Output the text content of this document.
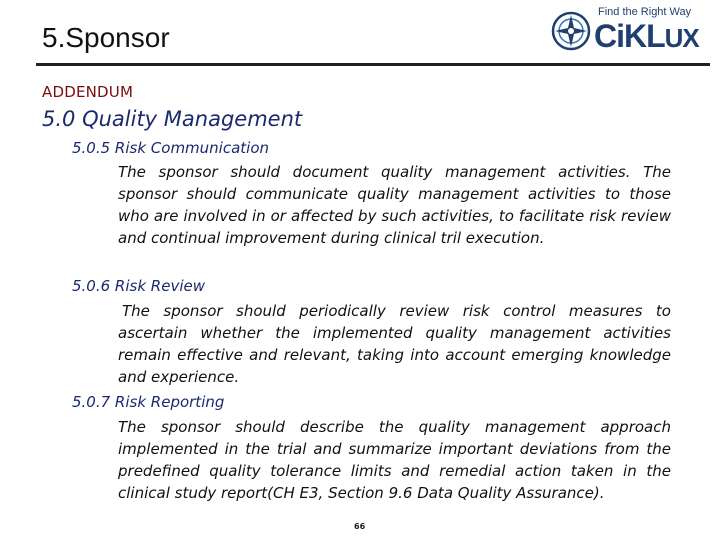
5.Sponsor
Find the Right Way
CiKLUX
ADDENDUM
5.0 Quality Management
5.0.5 Risk Communication
The sponsor should document quality management activities. The sponsor should communicate quality management activities to those who are involved in or affected by such activities, to facilitate risk review and continual improvement during clinical tril execution.
5.0.6 Risk Review
The sponsor should periodically review risk control measures to ascertain whether the implemented quality management activities remain effective and relevant, taking into account emerging knowledge and experience.
5.0.7 Risk Reporting
The sponsor should describe the quality management approach implemented in the trial and summarize important deviations from the predefined quality tolerance limits and remedial action taken in the clinical study report(CH E3, Section 9.6 Data Quality Assurance).
66
